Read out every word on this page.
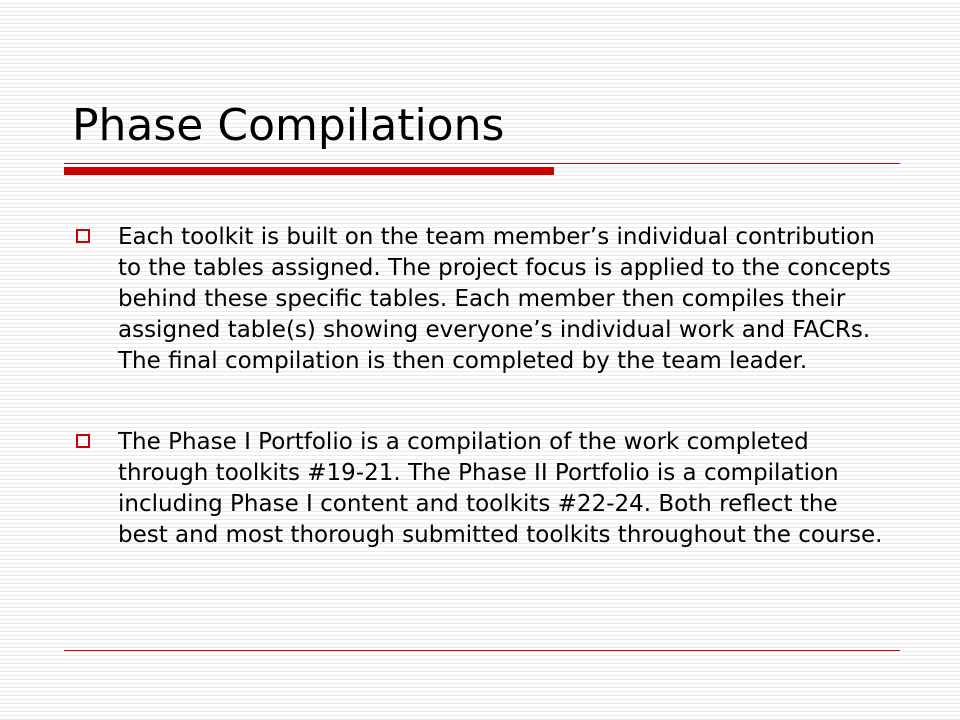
Phase Compilations
Each toolkit is built on the team member’s individual contribution to the tables assigned. The project focus is applied to the concepts behind these specific tables. Each member then compiles their assigned table(s) showing everyone’s individual work and FACRs. The final compilation is then completed by the team leader.
The Phase I Portfolio is a compilation of the work completed through toolkits #19-21. The Phase II Portfolio is a compilation including Phase I content and toolkits #22-24. Both reflect the best and most thorough submitted toolkits throughout the course.
